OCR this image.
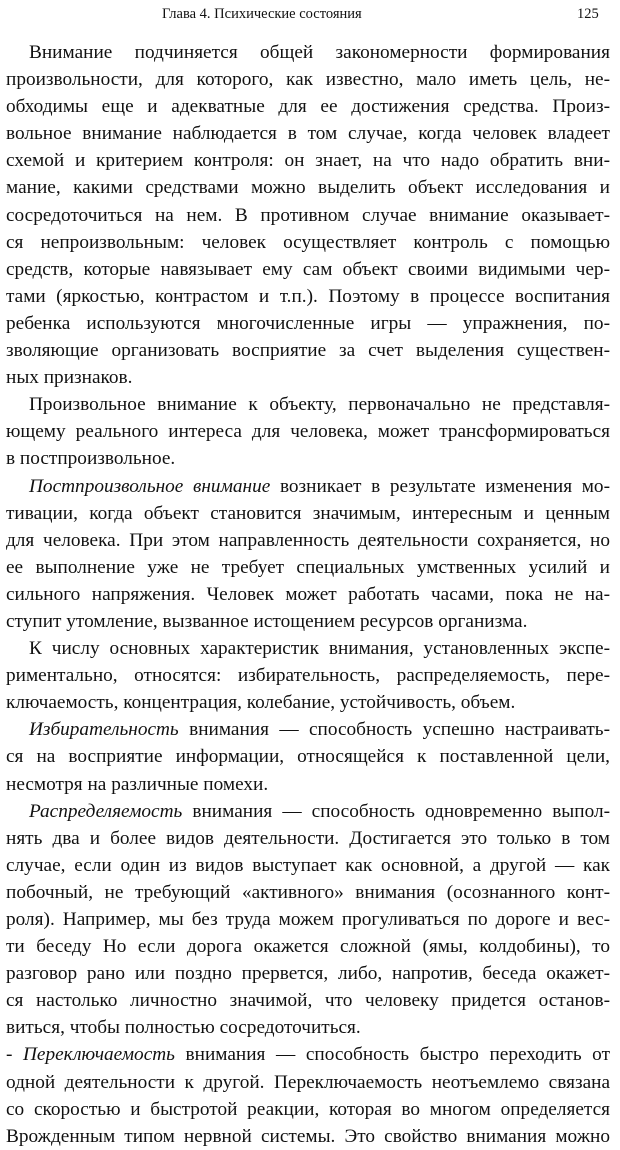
Глава 4. Психические состояния	125
Внимание подчиняется общей закономерности формирования
произвольности, для которого, как известно, мало иметь цель, не-
обходимы еще и адекватные для ее достижения средства. Произ-
вольное внимание наблюдается в том случае, когда человек владеет
схемой и критерием контроля: он знает, на что надо обратить вни-
мание, какими средствами можно выделить объект исследования и
сосредоточиться на нем. В противном случае внимание оказывает-
ся непроизвольным: человек осуществляет контроль с помощью
средств, которые навязывает ему сам объект своими видимыми чер-
тами (яркостью, контрастом и т.п.). Поэтому в процессе воспитания
ребенка используются многочисленные игры — упражнения, по-
зволяющие организовать восприятие за счет выделения существен-
ных признаков.
Произвольное внимание к объекту, первоначально не представля-
ющему реального интереса для человека, может трансформироваться
в постпроизвольное.
Постпроизвольное внимание возникает в результате изменения мо-
тивации, когда объект становится значимым, интересным и ценным
для человека. При этом направленность деятельности сохраняется, но
ее выполнение уже не требует специальных умственных усилий и
сильного напряжения. Человек может работать часами, пока не на-
ступит утомление, вызванное истощением ресурсов организма.
К числу основных характеристик внимания, установленных экспе-
риментально, относятся: избирательность, распределяемость, пере-
ключаемость, концентрация, колебание, устойчивость, объем.
Избирательность внимания — способность успешно настраивать-
ся на восприятие информации, относящейся к поставленной цели,
несмотря на различные помехи.
Распределяемость внимания — способность одновременно выпол-
нять два и более видов деятельности. Достигается это только в том
случае, если один из видов выступает как основной, а другой — как
побочный, не требующий «активного» внимания (осознанного конт-
роля). Например, мы без труда можем прогуливаться по дороге и вес-
ти беседу Но если дорога окажется сложной (ямы, колдобины), то
разговор рано или поздно прервется, либо, напротив, беседа окажет-
ся настолько личностно значимой, что человеку придется останов-
виться, чтобы полностью сосредоточиться.
- Переключаемость внимания — способность быстро переходить от
одной деятельности к другой. Переключаемость неотъемлемо связана
со скоростью и быстротой реакции, которая во многом определяется
Врожденным типом нервной системы. Это свойство внимания можно
